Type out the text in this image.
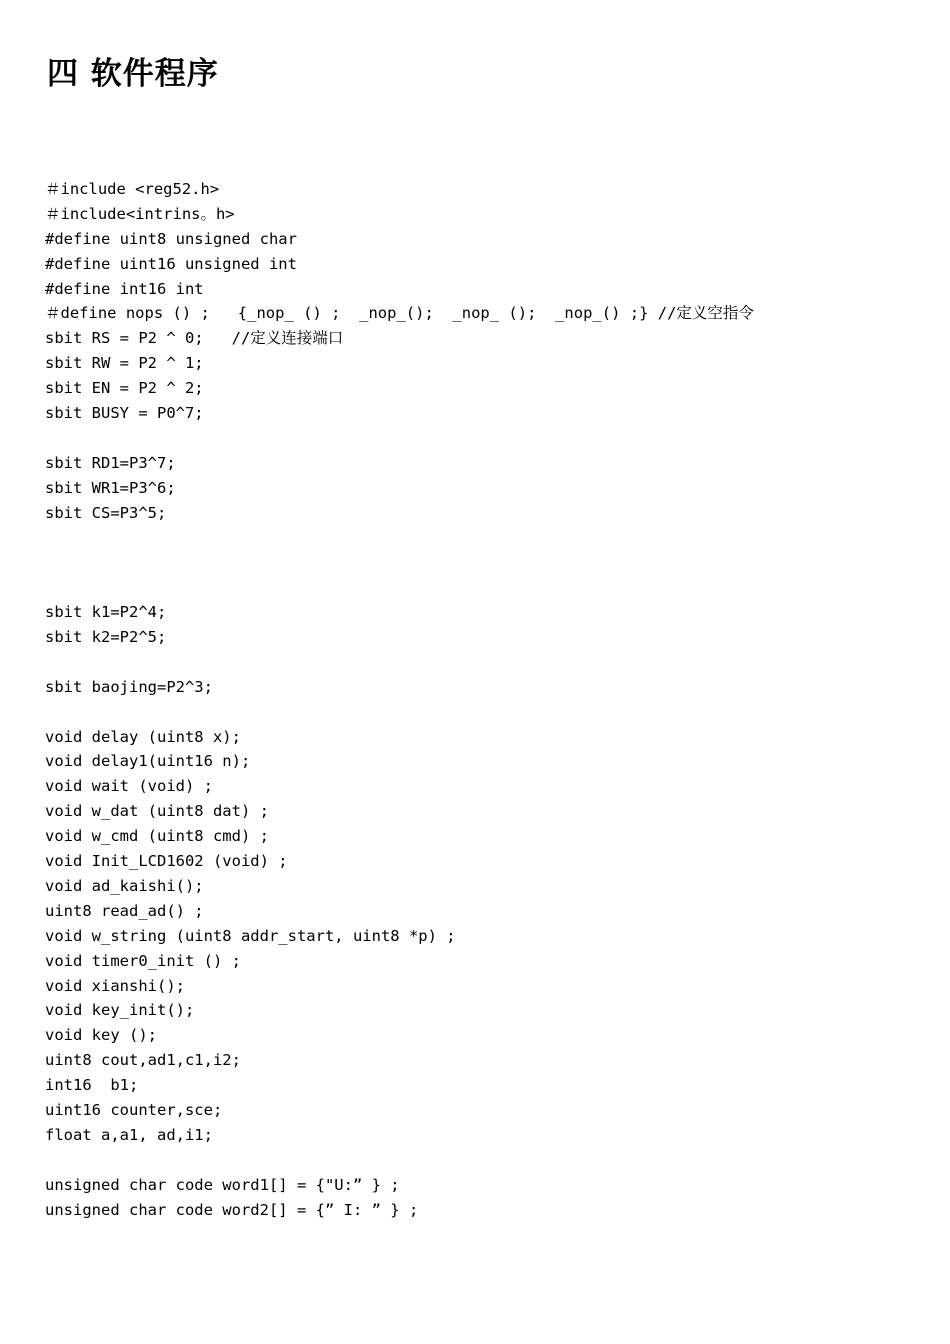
四 软件程序
＃include <reg52.h>
＃include<intrins。h>
#define uint8 unsigned char
#define uint16 unsigned int
#define int16 int
＃define nops () ;   {_nop_ () ;  _nop_();  _nop_ ();  _nop_() ;} //定义空指令
sbit RS = P2 ^ 0;   //定义连接端口
sbit RW = P2 ^ 1;
sbit EN = P2 ^ 2;
sbit BUSY = P0^7;
sbit RD1=P3^7;
sbit WR1=P3^6;
sbit CS=P3^5;
sbit k1=P2^4;
sbit k2=P2^5;
sbit baojing=P2^3;
void delay (uint8 x);
void delay1(uint16 n);
void wait (void) ;
void w_dat (uint8 dat) ;
void w_cmd (uint8 cmd) ;
void Init_LCD1602 (void) ;
void ad_kaishi();
uint8 read_ad() ;
void w_string (uint8 addr_start, uint8 *p) ;
void timer0_init () ;
void xianshi();
void key_init();
void key ();
uint8 cout,ad1,c1,i2;
int16  b1;
uint16 counter,sce;
float a,a1, ad,i1;
unsigned char code word1[] = {"U:” } ;
unsigned char code word2[] = {” I: ” } ;
